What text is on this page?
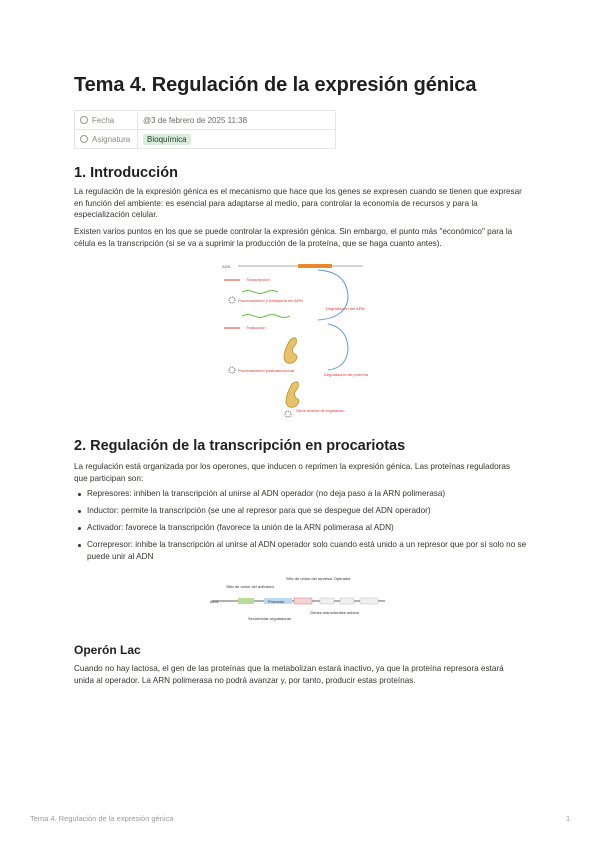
Tema 4. Regulación de la expresión génica
Fecha	@3 de febrero de 2025 11:38
Asignatura	Bioquímica
1. Introducción

La regulación de la expresión génica es el mecanismo que hace que los genes se expresen cuando se tienen que expresar en función del ambiente: es esencial para adaptarse al medio, para controlar la economía de recursos y para la especialización celular.

Existen varios puntos en los que se puede controlar la expresión génica. Sin embargo, el punto más "económico" para la célula es la transcripción (si se va a suprimir la producción de la proteína, que se haga cuanto antes).

ADN
Transcripción
Procesamiento y transporte del ARN
Degradación del ARN
Traducción
Procesamiento postraduccional
Degradación de proteína
Otros niveles de regulación
2. Regulación de la transcripción en procariotas

La regulación está organizada por los operones, que inducen o reprimen la expresión génica. Las proteínas reguladoras que participan son:

Represores: inhiben la transcripción al unirse al ADN operador (no deja paso a la ARN polimerasa)
Inductor: permite la transcripción (se une al represor para que se despegue del ADN operador)
Activador: favorece la transcripción (favorece la unión de la ARN polimerasa al ADN)
Correpresor: inhibe la transcripción al unirse al ADN operador solo cuando está unido a un represor que por sí solo no se puede unir al ADN
Sitio de unión del activador
Sitio de unión del represor Operador
ADN	Promotor
Genes estructurales unidos
Secuencias reguladoras
Operón Lac

Cuando no hay lactosa, el gen de las proteínas que la metabolizan estará inactivo, ya que la proteína represora estará unida al operador. La ARN polimerasa no podrá avanzar y, por tanto, producir estas proteínas.

Tema 4. Regulación de la expresión génica	1
